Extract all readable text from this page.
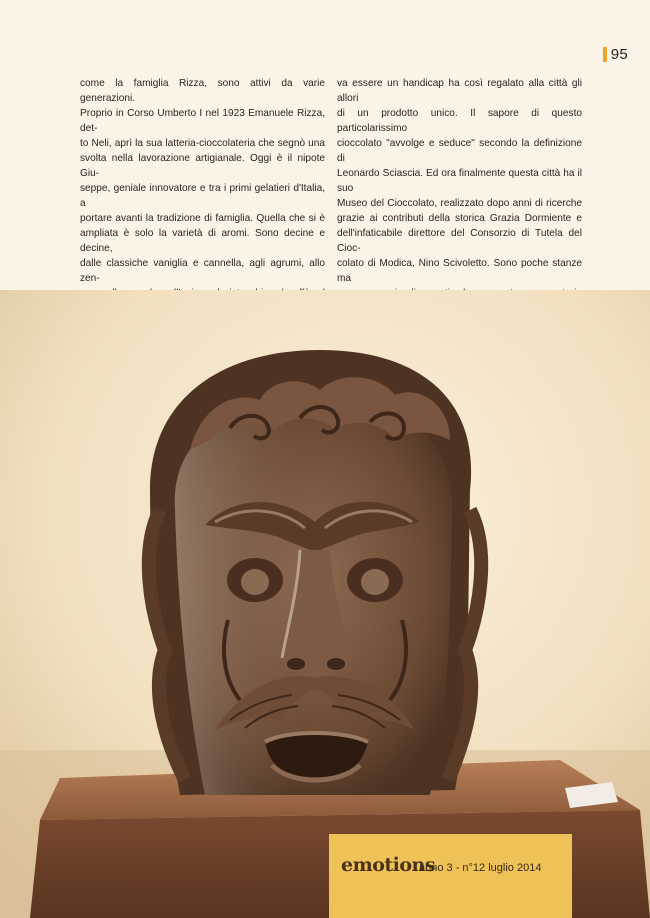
95
come la famiglia Rizza, sono attivi da varie generazioni.
Proprio in Corso Umberto I nel 1923 Emanuele Rizza, det-
to Neli, aprì la sua latteria-cioccolateria che segnò una
svolta nella lavorazione artigianale. Oggi è il nipote Giu-
seppe, geniale innovatore e tra i primi gelatieri d'Italia, a
portare avanti la tradizione di famiglia. Quella che si è
ampliata è solo la varietà di aromi. Sono decine e decine,
dalle classiche vaniglia e cannella, agli agrumi, allo zen-
va essere un handicap ha così regalato alla città gli allori
di un prodotto unico. Il sapore di questo particolarissimo
cioccolato "avvolge e seduce" secondo la definizione di
Leonardo Sciascia. Ed ora finalmente questa città ha il suo
Museo del Cioccolato, realizzato dopo anni di ricerche
grazie ai contributi della storica Grazia Dormiente e
dell'infaticabile direttore del Consorzio di Tutela del Cioc-
colato di Modica, Nino Scivoletto. Sono poche stanze ma
emotions
anno 3 - n°12 luglio 2014
